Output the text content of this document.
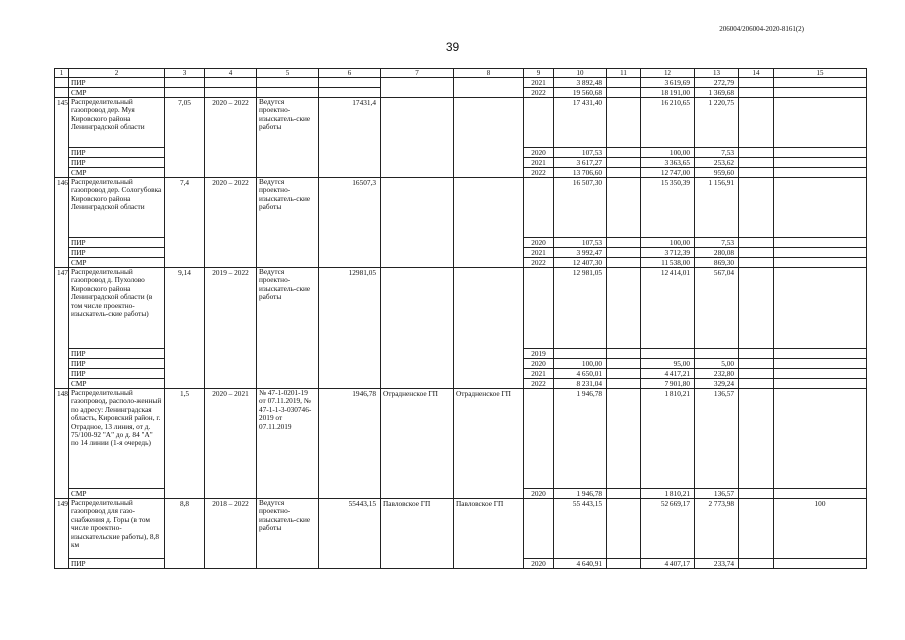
206004/206004-2020-8161(2)
39
1	2	3	4	5	6	7	8	9	10	11	12	13	14	15
	ПИР							2021	3 892,48		3 619,69	272,79		
	СМР							2022	19 560,68		18 191,00	1 369,68		
145	Распределительный газопровод дер. Муя Кировского района Ленинградской области	7,05	2020 – 2022	Ведутся проектно-изыскатель-ские работы	17431,4				17 431,40		16 210,65	1 220,75		
	ПИР							2020	107,53		100,00	7,53		
	ПИР							2021	3 617,27		3 363,65	253,62		
	СМР							2022	13 706,60		12 747,00	959,60		
146	Распределительный газопровод дер. Сологубовка Кировского района Ленинградской области	7,4	2020 – 2022	Ведутся проектно-изыскатель-ские работы	16507,3				16 507,30		15 350,39	1 156,91		
	ПИР							2020	107,53		100,00	7,53		
	ПИР							2021	3 992,47		3 712,39	280,08		
	СМР							2022	12 407,30		11 538,00	869,30		
147	Распределительный газопровод д. Пухолово Кировского района Ленинградской области (в том числе проектно-изыскатель-ские работы)	9,14	2019 – 2022	Ведутся проектно-изыскатель-ские работы	12981,05				12 981,05		12 414,01	567,04		
	ПИР							2019						
	ПИР							2020	100,00		95,00	5,00		
	ПИР							2021	4 650,01		4 417,21	232,80		
	СМР							2022	8 231,04		7 901,80	329,24		
148	Распределительный газопровод, располо-женный по адресу: Ленинградская область, Кировский район, г. Отрадное, 13 линия, от д. 75/100-92 "А" до д. 84 "А" по 14 линии (1-я очередь)	1,5	2020 – 2021	№ 47-1-0201-19 от 07.11.2019, № 47-1-1-3-030746-2019 от 07.11.2019	1946,78	Отрадненское ГП	Отрадненское ГП		1 946,78		1 810,21	136,57		
	СМР							2020	1 946,78		1 810,21	136,57		
149	Распределительный газопровод для газо-снабжения д. Горы (в том числе проектно-изыскательские работы), 8,8 км	8,8	2018 – 2022	Ведутся проектно-изыскатель-ские работы	55443,15	Павловское ГП	Павловское ГП		55 443,15		52 669,17	2 773,98		100
	ПИР							2020	4 640,91		4 407,17	233,74		
